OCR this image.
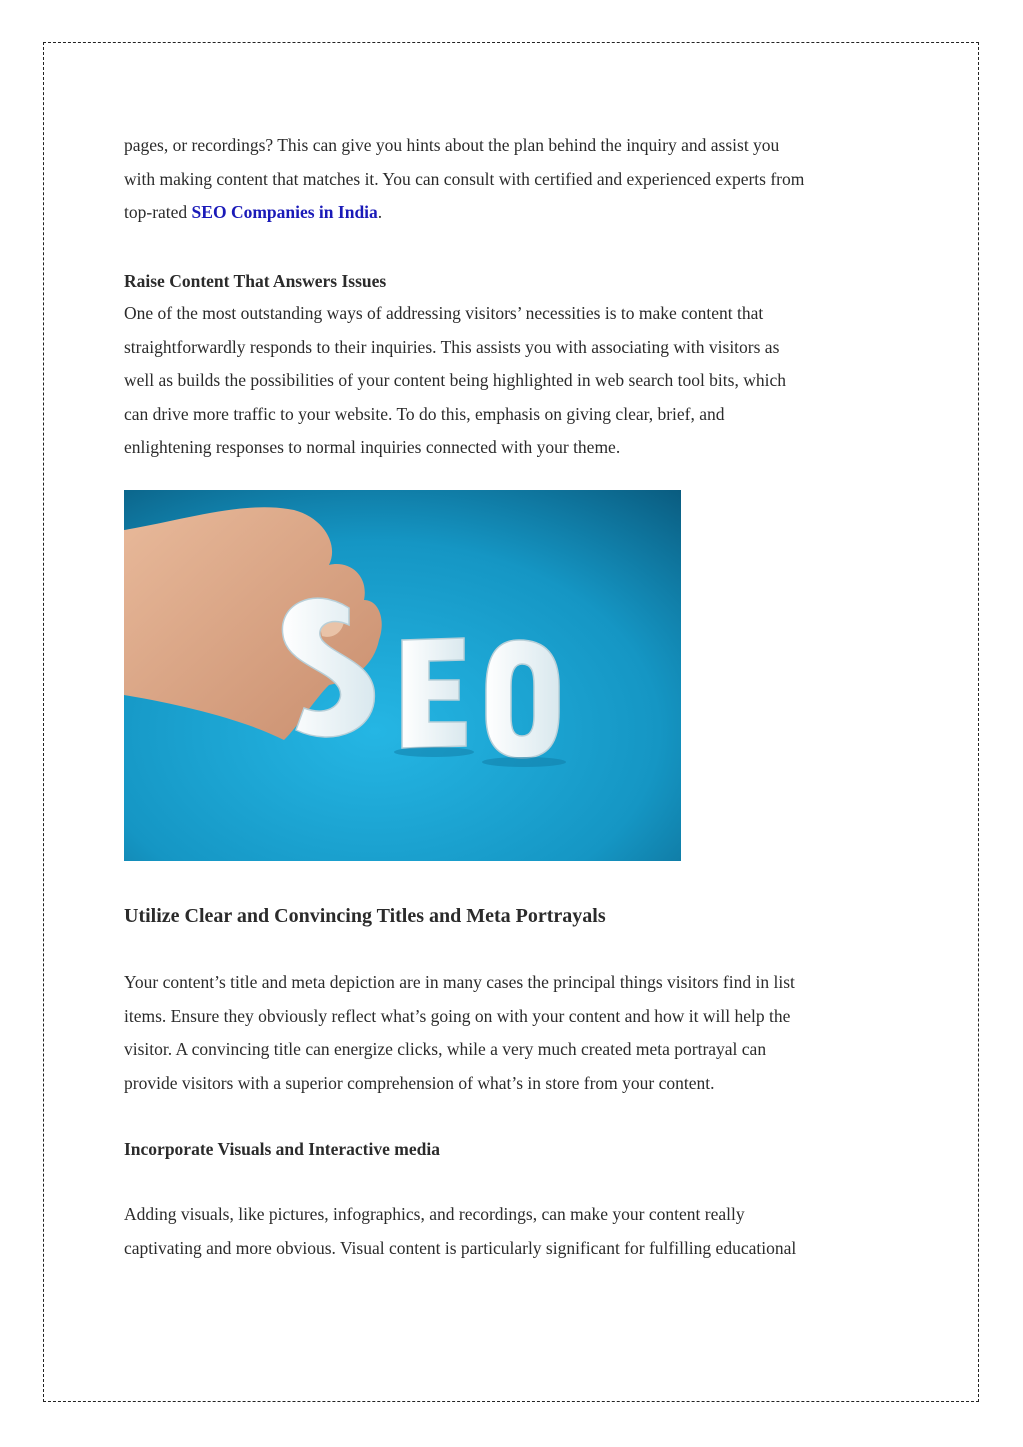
pages, or recordings? This can give you hints about the plan behind the inquiry and assist you
with making content that matches it. You can consult with certified and experienced experts from
top-rated SEO Companies in India.

Raise Content That Answers Issues

One of the most outstanding ways of addressing visitors’ necessities is to make content that
straightforwardly responds to their inquiries. This assists you with associating with visitors as
well as builds the possibilities of your content being highlighted in web search tool bits, which
can drive more traffic to your website. To do this, emphasis on giving clear, brief, and
enlightening responses to normal inquiries connected with your theme.

Utilize Clear and Convincing Titles and Meta Portrayals

Your content’s title and meta depiction are in many cases the principal things visitors find in list
items. Ensure they obviously reflect what’s going on with your content and how it will help the
visitor. A convincing title can energize clicks, while a very much created meta portrayal can
provide visitors with a superior comprehension of what’s in store from your content.

Incorporate Visuals and Interactive media

Adding visuals, like pictures, infographics, and recordings, can make your content really
captivating and more obvious. Visual content is particularly significant for fulfilling educational
